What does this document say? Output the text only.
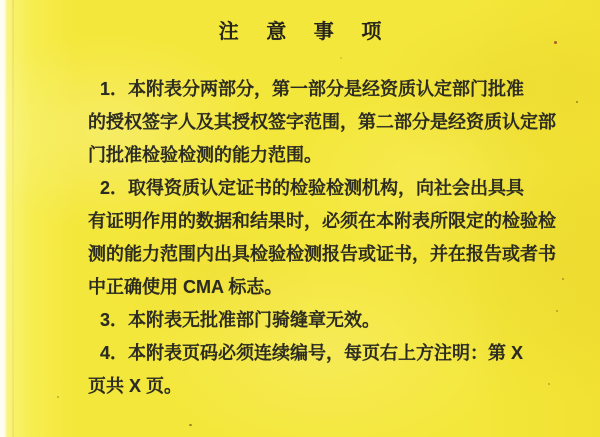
注 意 事 项
1．本附表分两部分，第一部分是经资质认定部门批准
的授权签字人及其授权签字范围，第二部分是经资质认定部
门批准检验检测的能力范围。
2．取得资质认定证书的检验检测机构，向社会出具具
有证明作用的数据和结果时，必须在本附表所限定的检验检
测的能力范围内出具检验检测报告或证书，并在报告或者书
中正确使用 CMA 标志。
3．本附表无批准部门骑缝章无效。
4．本附表页码必须连续编号，每页右上方注明：第 X
页共 X 页。
